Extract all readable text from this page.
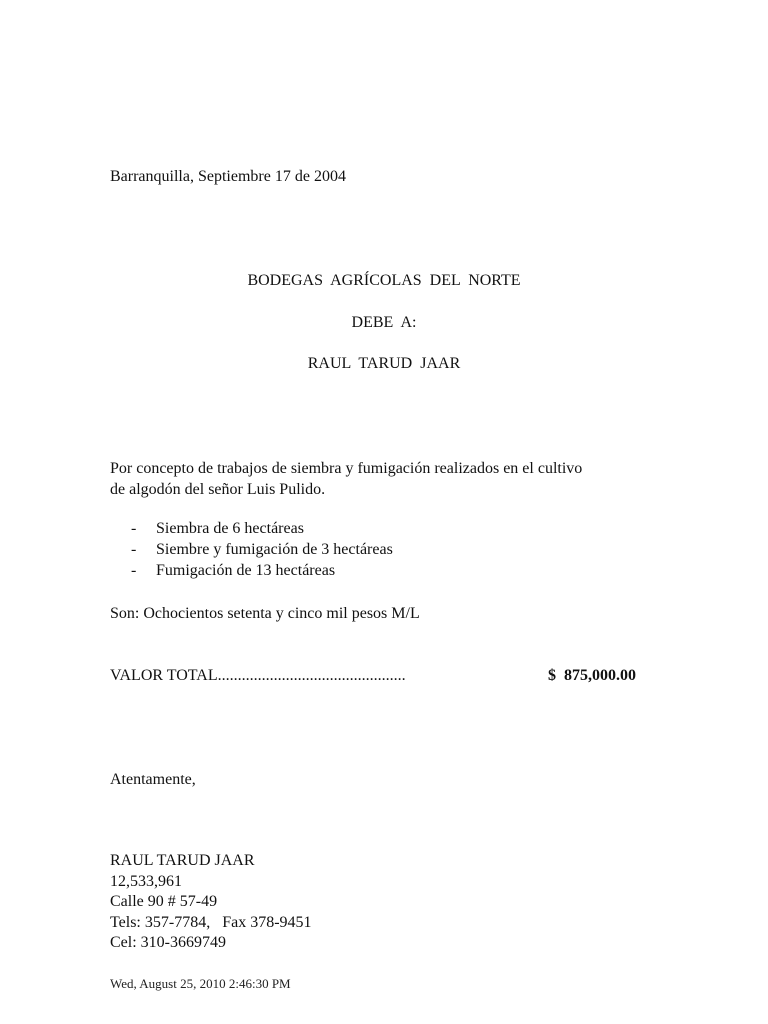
Barranquilla, Septiembre 17 de 2004
BODEGAS  AGRÍCOLAS  DEL  NORTE
DEBE  A:
RAUL  TARUD  JAAR
Por concepto de trabajos de siembra y fumigación realizados en el cultivo
de algodón del señor Luis Pulido.
-	Siembra de 6 hectáreas
-	Siembre y fumigación de 3 hectáreas
-	Fumigación de 13 hectáreas
Son: Ochocientos setenta y cinco mil pesos M/L
VALOR TOTAL...............................................	$  875,000.00
Atentamente,
RAUL TARUD JAAR
12,533,961
Calle 90 # 57-49
Tels: 357-7784,   Fax 378-9451
Cel: 310-3669749
Wed, August 25, 2010 2:46:30 PM
